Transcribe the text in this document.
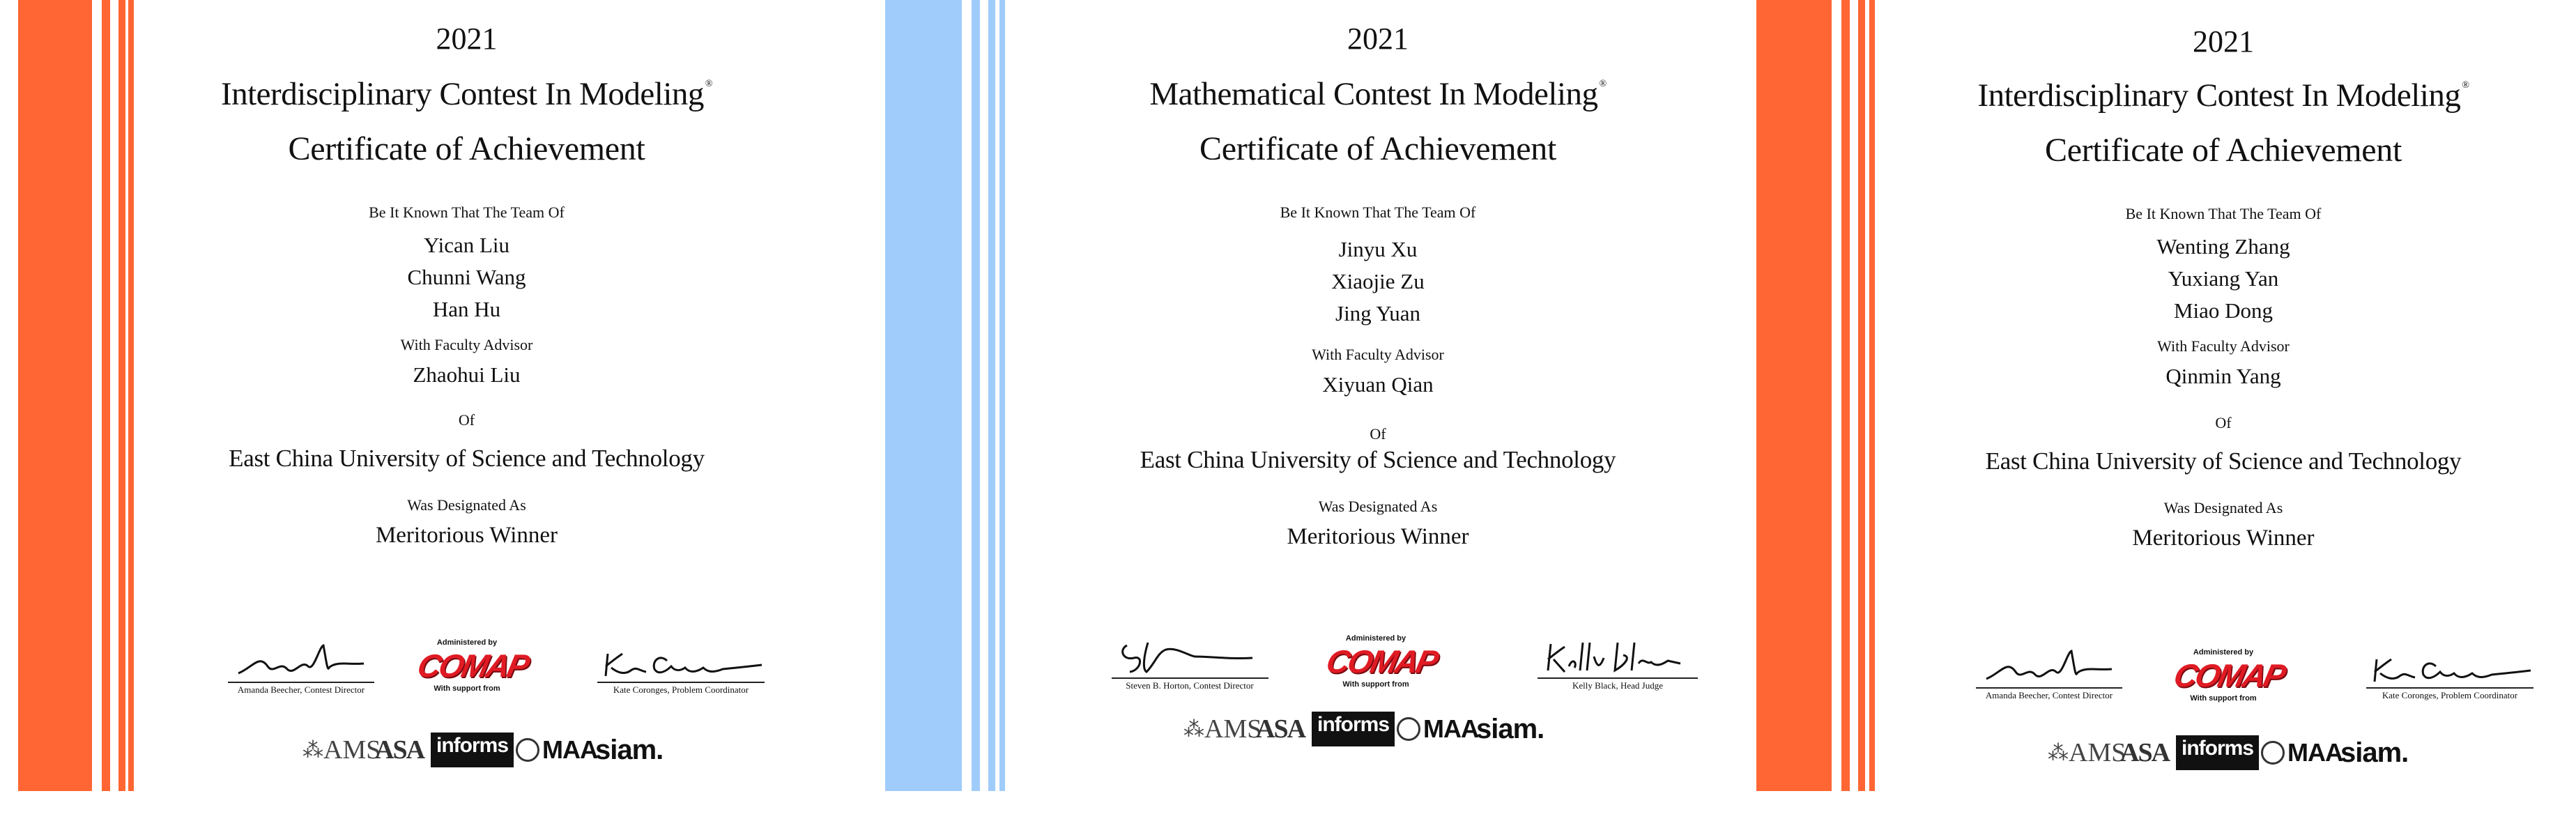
2021
Interdisciplinary Contest In Modeling ®
Certificate of Achievement
Be It Known That The Team Of
Yican Liu
Chunni Wang
Han Hu
With Faculty Advisor
Zhaohui Liu
Of
East China University of Science and Technology
Was Designated As
Meritorious Winner
Amanda Beecher, Contest Director
Administered by
COMAP
With support from	Kate Coronges, Problem Coordinator
⁂ AMS
ASA informs MAA
siam.
2021
Mathematical Contest In Modeling ®
Certificate of Achievement
Be It Known That The Team Of
Jinyu Xu
Xiaojie Zu
Jing Yuan
With Faculty Advisor
Xiyuan Qian
Of
East China University of Science and Technology
Was Designated As
Meritorious Winner
Steven B. Horton, Contest Director
Administered by
COMAP
With support from	Kelly Black, Head Judge
⁂ AMS
ASA informs MAA
siam.
2021
Interdisciplinary Contest In Modeling ®
Certificate of Achievement
Be It Known That The Team Of
Wenting Zhang
Yuxiang Yan
Miao Dong
With Faculty Advisor
Qinmin Yang
Of
East China University of Science and Technology
Was Designated As
Meritorious Winner
Amanda Beecher, Contest Director
Administered by
COMAP
With support from	Kate Coronges, Problem Coordinator
⁂ AMS
ASA informs MAA
siam.
